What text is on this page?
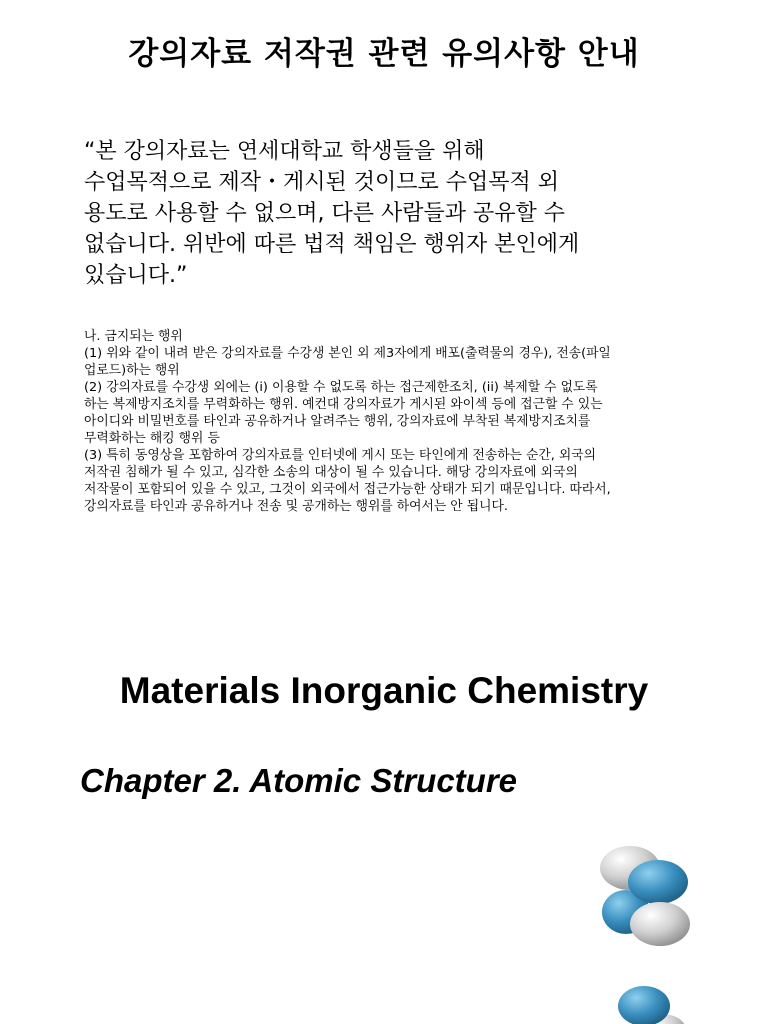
강의자료 저작권 관련 유의사항 안내
“본 강의자료는 연세대학교 학생들을 위해
수업목적으로 제작・게시된 것이므로 수업목적 외
용도로 사용할 수 없으며, 다른 사람들과 공유할 수
없습니다. 위반에 따른 법적 책임은 행위자 본인에게
있습니다.”
나. 금지되는 행위
(1) 위와 같이 내려 받은 강의자료를 수강생 본인 외 제3자에게 배포(출력물의 경우), 전송(파일
업로드)하는 행위
(2) 강의자료를 수강생 외에는 (i) 이용할 수 없도록 하는 접근제한조치, (ii) 복제할 수 없도록
하는 복제방지조치를 무력화하는 행위. 예컨대 강의자료가 게시된 와이섹 등에 접근할 수 있는
아이디와 비밀번호를 타인과 공유하거나 알려주는 행위, 강의자료에 부착된 복제방지조치를
무력화하는 해킹 행위 등
(3) 특히 동영상을 포함하여 강의자료를 인터넷에 게시 또는 타인에게 전송하는 순간, 외국의
저작권 침해가 될 수 있고, 심각한 소송의 대상이 될 수 있습니다. 해당 강의자료에 외국의
저작물이 포함되어 있을 수 있고, 그것이 외국에서 접근가능한 상태가 되기 때문입니다. 따라서,
강의자료를 타인과 공유하거나 전송 및 공개하는 행위를 하여서는 안 됩니다.
Materials Inorganic Chemistry
Chapter 2. Atomic Structure
